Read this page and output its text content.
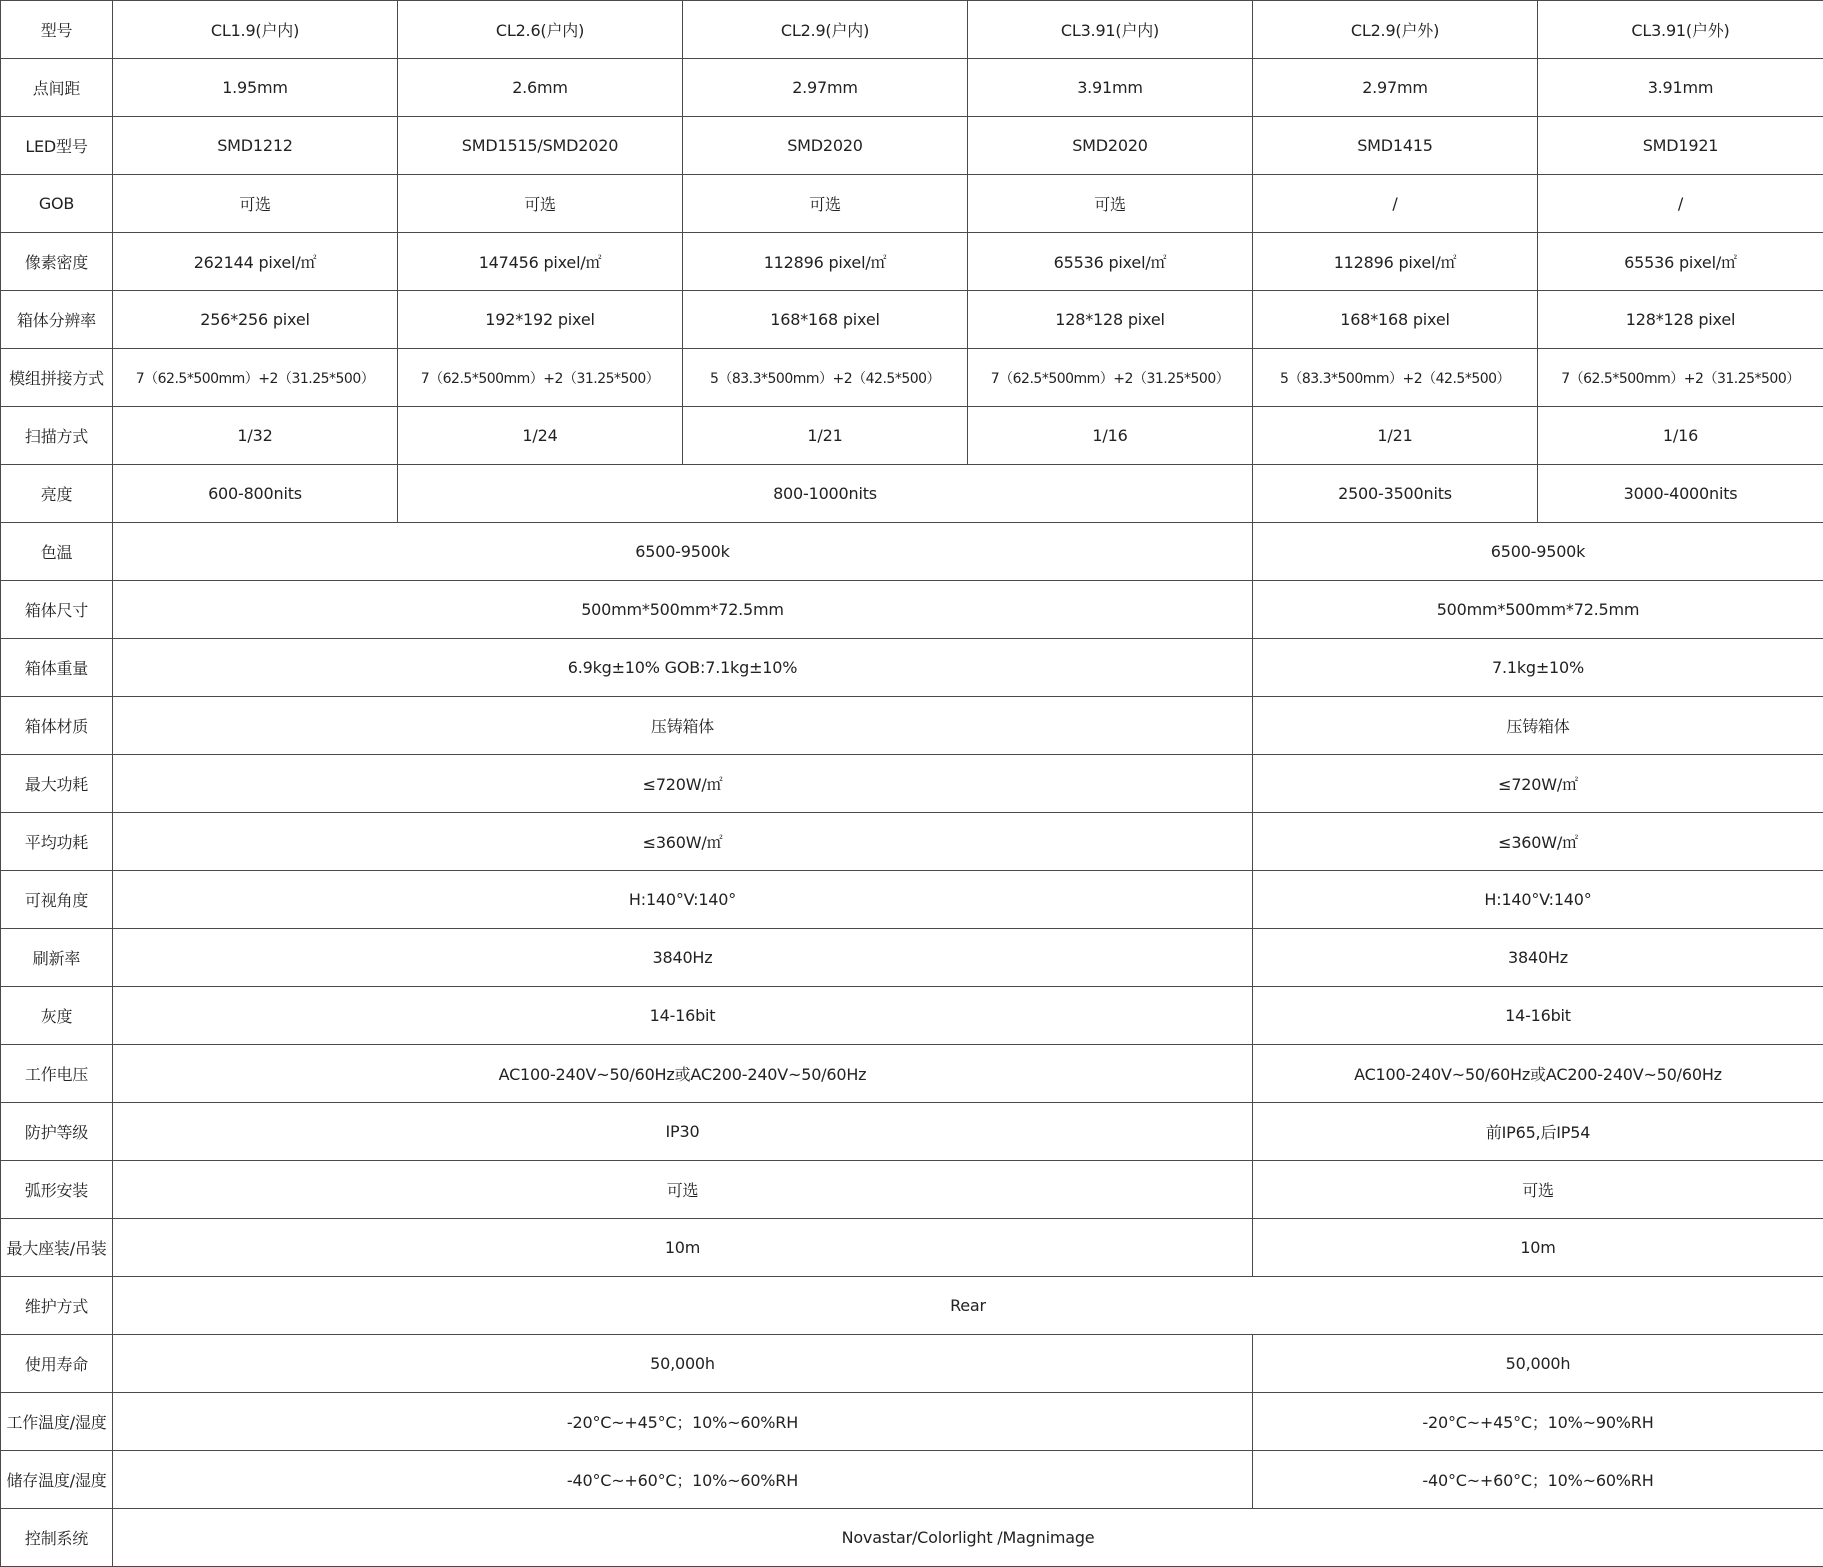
型号	CL1.9(户内)	CL2.6(户内)	CL2.9(户内)	CL3.91(户内)	CL2.9(户外)	CL3.91(户外)
点间距	1.95mm	2.6mm	2.97mm	3.91mm	2.97mm	3.91mm
LED型号	SMD1212	SMD1515/SMD2020	SMD2020	SMD2020	SMD1415	SMD1921
GOB	可选	可选	可选	可选	/	/
像素密度	262144 pixel/㎡	147456 pixel/㎡	112896 pixel/㎡	65536 pixel/㎡	112896 pixel/㎡	65536 pixel/㎡
箱体分辨率	256*256 pixel	192*192 pixel	168*168 pixel	128*128 pixel	168*168 pixel	128*128 pixel
模组拼接方式	7（62.5*500mm）+2（31.25*500）	7（62.5*500mm）+2（31.25*500）	5（83.3*500mm）+2（42.5*500）	7（62.5*500mm）+2（31.25*500）	5（83.3*500mm）+2（42.5*500）	7（62.5*500mm）+2（31.25*500）
扫描方式	1/32	1/24	1/21	1/16	1/21	1/16
亮度	600-800nits	800-1000nits			2500-3500nits	3000-4000nits
色温	6500-9500k				6500-9500k	
箱体尺寸	500mm*500mm*72.5mm				500mm*500mm*72.5mm	
箱体重量	6.9kg±10% GOB:7.1kg±10%				7.1kg±10%	
箱体材质	压铸箱体				压铸箱体	
最大功耗	≤720W/㎡				≤720W/㎡	
平均功耗	≤360W/㎡				≤360W/㎡	
可视角度	H:140°V:140°				H:140°V:140°	
刷新率	3840Hz				3840Hz	
灰度	14-16bit				14-16bit	
工作电压	AC100-240V~50/60Hz或AC200-240V~50/60Hz				AC100-240V~50/60Hz或AC200-240V~50/60Hz	
防护等级	IP30				前IP65,后IP54	
弧形安装	可选				可选	
最大座装/吊装	10m				10m	
维护方式	Rear					
使用寿命	50,000h				50,000h	
工作温度/湿度	-20°C~+45°C；10%~60%RH				-20°C~+45°C；10%~90%RH	
储存温度/湿度	-40°C~+60°C；10%~60%RH				-40°C~+60°C；10%~60%RH	
控制系统	Novastar/Colorlight /Magnimage					
